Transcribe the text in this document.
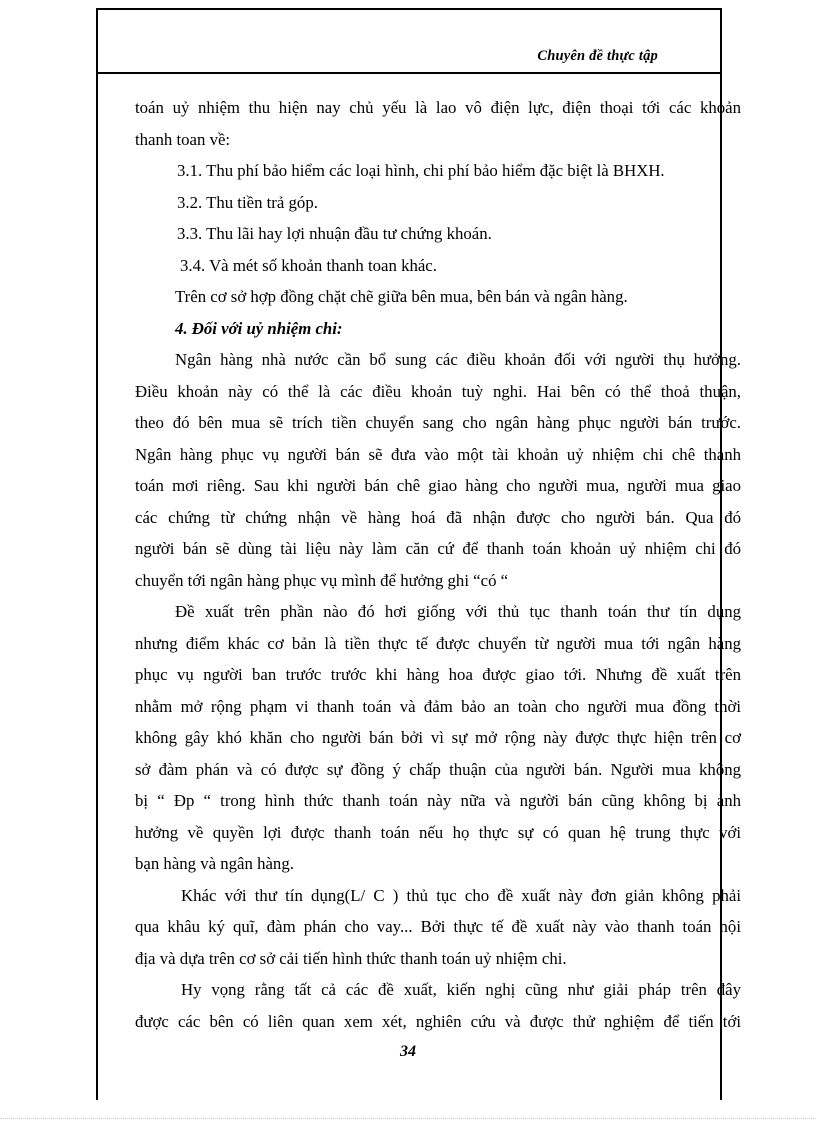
Chuyên đề thực tập
toán uỷ nhiệm thu hiện nay chủ yếu là lao vô điện lực, điện thoại tới các khoản
thanh toan về:
3.1. Thu phí bảo hiểm các loại hình, chi phí bảo hiểm đặc biệt là BHXH.
3.2. Thu tiền trả góp.
3.3. Thu lãi hay lợi nhuận đầu tư chứng khoán.
3.4. Và mét số khoản thanh toan khác.
Trên cơ sở hợp đồng chặt chẽ giữa bên mua, bên bán và ngân hàng.
4. Đối với uỷ nhiệm chi:
Ngân hàng nhà nước cần bổ sung các điều khoản đối với người thụ hưởng.
Điều khoản này có thể là các điều khoản tuỳ nghi. Hai bên có thể thoả thuận,
theo đó bên mua sẽ trích tiền chuyển sang cho ngân hàng phục người bán trước.
Ngân hàng phục vụ người bán sẽ đưa vào một tài khoản uỷ nhiệm chi chê thanh
toán mơi riêng. Sau khi người bán chê giao hàng cho người mua, người mua giao
các chứng từ chứng nhận về hàng hoá đã nhận được cho người bán. Qua đó
người bán sẽ dùng tài liệu này làm căn cứ để thanh toán khoản uỷ nhiệm chi đó
chuyển tới ngân hàng phục vụ mình để hưởng ghi “có “
Đề xuất trên phần nào đó hơi giống với thủ tục thanh toán thư tín dụng
nhưng điểm khác cơ bản là tiền thực tế được chuyển từ người mua tới ngân hàng
phục vụ người ban trước trước khi hàng hoa được giao tới. Nhưng đề xuất trên
nhằm mở rộng phạm vi thanh toán và đảm bảo an toàn cho người mua đồng thời
không gây khó khăn cho người bán bởi vì sự mở rộng này được thực hiện trên cơ
sở đàm phán và có được sự đồng ý chấp thuận của người bán. Người mua không
bị “ Đp “ trong hình thức thanh toán này nữa và người bán cũng không bị ảnh
hưởng về quyền lợi được thanh toán nếu họ thực sự có quan hệ trung thực với
bạn hàng và ngân hàng.
Khác với thư tín dụng(L/ C ) thủ tục cho đề xuất này đơn giản không phải
qua khâu ký quĩ, đàm phán cho vay... Bởi thực tế đề xuất này vào thanh toán nội
địa và dựa trên cơ sở cải tiến hình thức thanh toán uỷ nhiệm chi.
Hy vọng rằng tất cả các đề xuất, kiến nghị cũng như giải pháp trên đây
được các bên có liên quan xem xét, nghiên cứu và được thử nghiệm để tiến tới
34
